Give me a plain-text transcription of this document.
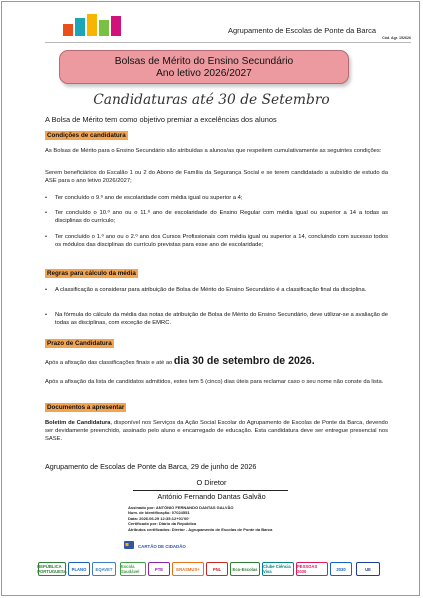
Agrupamento de Escolas de Ponte da Barca
Cód. Agr. 152626
Bolsas de Mérito do Ensino Secundário
Ano letivo 2026/2027
Candidaturas até 30 de Setembro
A Bolsa de Mérito tem como objetivo premiar a excelências dos alunos
Condições de candidatura
As Bolsas de Mérito para o Ensino Secundário são atribuídas a alunos/as que respeitem cumulativamente as seguintes condições:
Serem beneficiários do Escalão 1 ou 2 do Abono de Família da Segurança Social e se terem candidatado a subsídio de estudo da ASE para o ano letivo 2026/2027;
•	Ter concluído o 9.º ano de escolaridade com média igual ou superior a 4;
•	Ter concluído o 10.º ano ou o 11.º ano de escolaridade do Ensino Regular com média igual ou superior a 14 a todas as disciplinas do currículo;
•	Ter concluído o 1.º ano ou o 2.º ano dos Cursos Profissionais com média igual ou superior a 14, concluindo com sucesso todos os módulos das disciplinas do currículo previstas para esse ano de escolaridade;
Regras para cálculo da média
•	A classificação a considerar para atribuição de Bolsa de Mérito do Ensino Secundário é a classificação final da disciplina.
•	Na fórmula do cálculo da média das notas de atribuição de Bolsa de Mérito do Ensino Secundário, deve utilizar-se a avaliação de todas as disciplinas, com exceção de EMRC.
Prazo de Candidatura
Após a afixação das classificações finais e até ao dia 30 de setembro de 2026.
Após a afixação da lista de candidatos admitidos, estes tem 5 (cinco) dias úteis para reclamar caso o seu nome não conste da lista.
Documentos a apresentar
Boletim de Candidatura, disponível nos Serviços da Ação Social Escolar do Agrupamento de Escolas de Ponte da Barca, devendo ser devidamente preenchido, assinado pelo aluno e encarregado de educação. Esta candidatura deve ser entregue presencial nos SASE.
Agrupamento de Escolas de Ponte da Barca, 29 de junho de 2026
O Diretor
António Fernando Dantas Galvão
Assinado por: ANTÓNIO FERNANDO DANTAS GALVÃO
Num. de Identificação: 07024551
Data: 2026.06.29 12:35:12+01'00'
Certificado por: Diário da República
Atributos certificados: Diretor - Agrupamento de Escolas de Ponte da Barca
CARTÃO DE CIDADÃO
REPÚBLICA PORTUGUESA PLANO EQAVET Escola Saudável	PTE	ERASMUS+	PNL	Eco-Escolas Clube Ciência Viva
PESSOAS 2030	2030	UE
